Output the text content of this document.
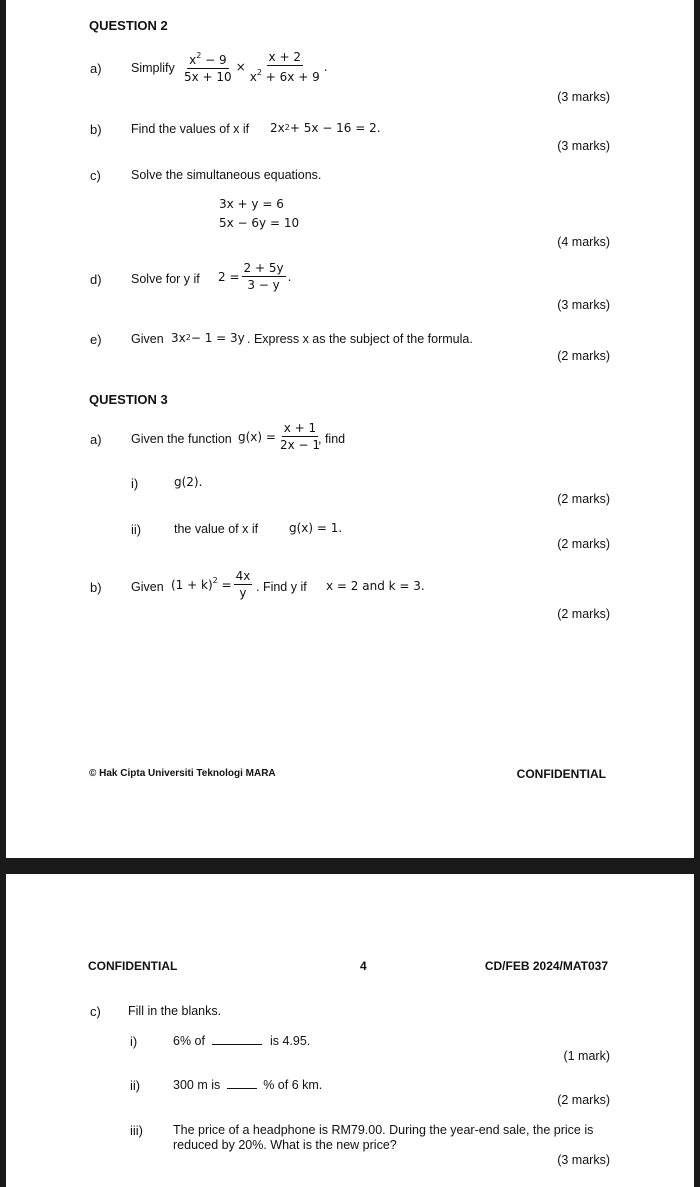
QUESTION 2
a) Simplify $\frac{x^2 - 9}{5x + 10} \times \frac{x + 2}{x^2 + 6x + 9}$ .
(3 marks)
b) Find the values of x if $2x^2 + 5x - 16 = 2$.
(3 marks)
c) Solve the simultaneous equations.
3x + y = 6
5x − 6y = 10
(4 marks)
d) Solve for y if $2 = \frac{2 + 5y}{3 - y}$ .
(3 marks)
e) Given $3x^2 - 1 = 3y$ . Express x as the subject of the formula.
(2 marks)
QUESTION 3
a) Given the function $g(x) = \frac{x + 1}{2x - 1}$
, find
i)	g(2).
(2 marks)
ii)	the value of x if	g(x) = 1.
(2 marks)
b) Given $(1 + k)^2 = \frac{4x}{y}$ . Find y if x = 2 and k = 3.
(2 marks)
© Hak Cipta Universiti Teknologi MARA	CONFIDENTIAL
CONFIDENTIAL	4	CD/FEB 2024/MAT037
c) Fill in the blanks.
i)	6% of	is 4.95.
(1 mark)
ii)	300 m is	% of 6 km.
(2 marks)
iii) The price of a headphone is RM79.00. During the year-end sale, the price is reduced by 20%. What is the new price?
(3 marks)
